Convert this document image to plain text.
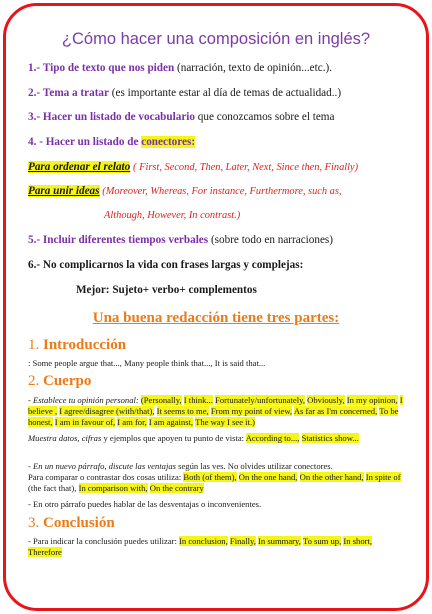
¿Cómo hacer una composición en inglés?
1.- Tipo de texto que nos piden (narración, texto de opinión...etc.).
2.- Tema a tratar (es importante estar al día de temas de actualidad..)
3.- Hacer un listado de vocabulario que conozcamos sobre el tema
4. - Hacer un listado de conectores:
Para ordenar el relato ( First, Second, Then, Later, Next, Since then, Finally)
Para unir ideas (Moreover, Whereas, For instance, Furthermore, such as,
Although, However, In contrast.)
5.- Incluir diferentes tiempos verbales (sobre todo en narraciones)
6.- No complicarnos la vida con frases largas y complejas:
Mejor: Sujeto+ verbo+ complementos
Una buena redacción tiene tres partes:
1. Introducción
: Some people argue that..., Many people think that..., It is said that...
2. Cuerpo
- Establece tu opinión personal: (Personally, I think... Fortunately/unfortunately, Obviously, In my opinion, I believe , I agree/disagree (with/that), It seems to me, From my point of view, As far as I'm concerned, To be honest, I am in favour of, I am for, I am against, The way I see it.)
Muestra datos, cifras y ejemplos que apoyen tu punto de vista: According to..., Statistics show...
- En un nuevo párrafo, discute las ventajas según las ves. No olvides utilizar conectores.
Para comparar o contrastar dos cosas utiliza: Both (of them), On the one hand, On the other hand, In spite of (the fact that), In comparison with, On the contrary
- En otro párrafo puedes hablar de las desventajas o inconvenientes.
3. Conclusión
- Para indicar la conclusión puedes utilizar: In conclusion, Finally, In summary, To sum up, In short, Therefore
